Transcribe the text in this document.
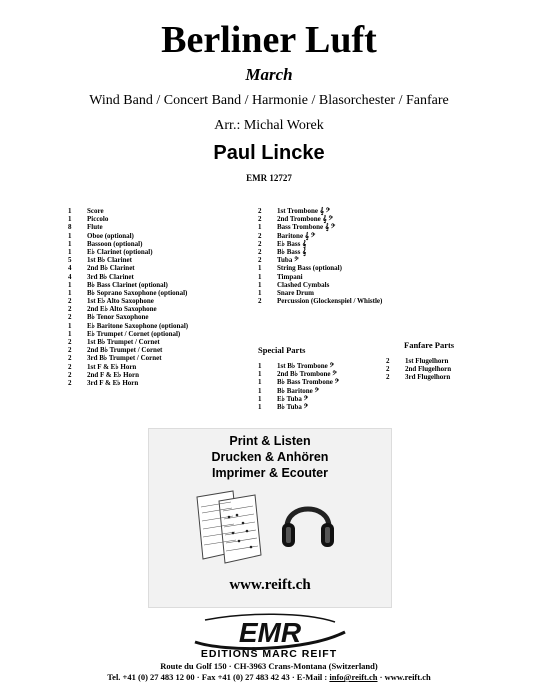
Berliner Luft
March
Wind Band / Concert Band / Harmonie / Blasorchester / Fanfare
Arr.: Michal Worek
Paul Lincke
EMR 12727
1	Score
1	Piccolo
8	Flute
1	Oboe (optional)
1	Bassoon (optional)
1	E♭ Clarinet (optional)
5	1st B♭ Clarinet
4	2nd B♭ Clarinet
4	3rd B♭ Clarinet
1	B♭ Bass Clarinet (optional)
1	B♭ Soprano Saxophone (optional)
2	1st E♭ Alto Saxophone
2	2nd E♭ Alto Saxophone
2	B♭ Tenor Saxophone
1	E♭ Baritone Saxophone (optional)
1	E♭ Trumpet / Cornet (optional)
2	1st B♭ Trumpet / Cornet
2	2nd B♭ Trumpet / Cornet
2	3rd B♭ Trumpet / Cornet
2	1st F & E♭ Horn
2	2nd F & E♭ Horn
2	3rd F & E♭ Horn
2	1st Trombone 𝄞 𝄢
2	2nd Trombone 𝄞 𝄢
1	Bass Trombone 𝄞 𝄢
2	Baritone 𝄞 𝄢
2	E♭ Bass 𝄞
2	B♭ Bass 𝄞
2	Tuba 𝄢
1	String Bass (optional)
1	Timpani
1	Clashed Cymbals
1	Snare Drum
2	Percussion (Glockenspiel / Whistle)
Special Parts
1	1st B♭ Trombone 𝄢
1	2nd B♭ Trombone 𝄢
1	B♭ Bass Trombone 𝄢
1	B♭ Baritone 𝄢
1	E♭ Tuba 𝄢
1	B♭ Tuba 𝄢
Fanfare Parts
2	1st Flugelhorn
2	2nd Flugelhorn
2	3rd Flugelhorn
Print & Listen
Drucken & Anhören
Imprimer & Ecouter
www.reift.ch
EMR
EDITIONS MARC REIFT
Route du Golf 150 · CH-3963 Crans-Montana (Switzerland)
Tel. +41 (0) 27 483 12 00 · Fax +41 (0) 27 483 42 43 · E-Mail : info@reift.ch · www.reift.ch
